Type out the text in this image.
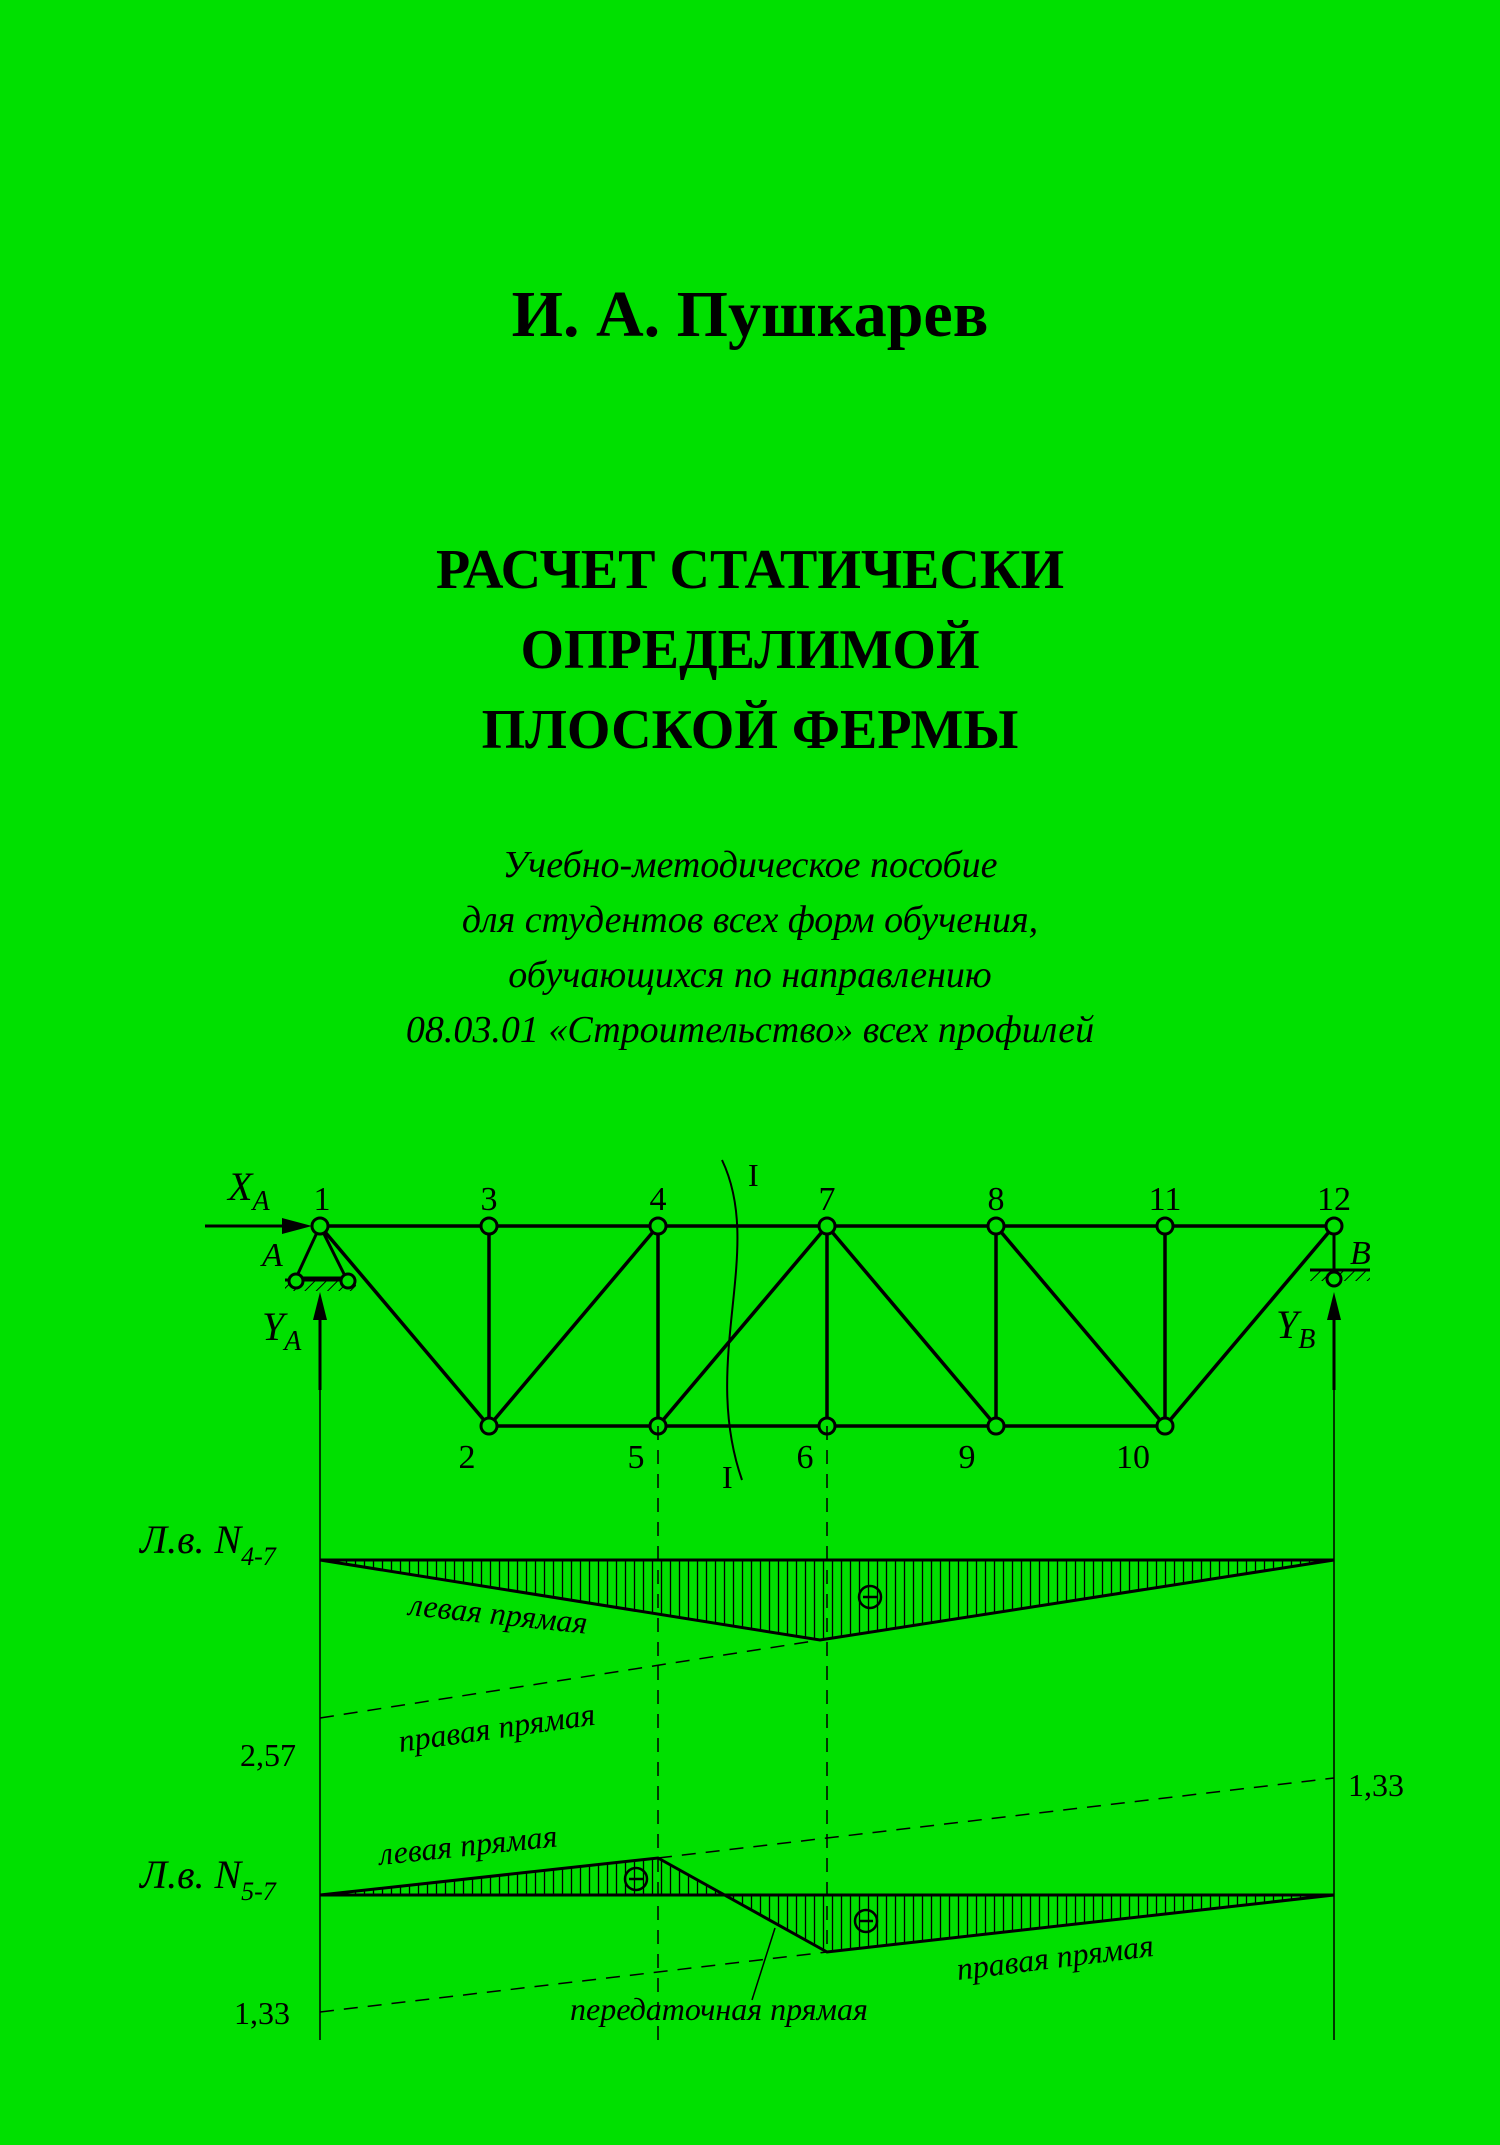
И. А. Пушкарев
РАСЧЕТ СТАТИЧЕСКИ
ОПРЕДЕЛИМОЙ
ПЛОСКОЙ ФЕРМЫ
Учебно-методическое пособие
для студентов всех форм обучения,
обучающихся по направлению
08.03.01 «Строительство» всех профилей
1	3	4	7	8	11	12
2	5	6	9	10
I
I
A	B
$X_A$
$Y_A$	$Y_B$
Л.в. $N_{4-7}$
Л.в. $N_{5-7}$
левая прямая
правая прямая
левая прямая
правая прямая
передаточная прямая
2,57
1,33
1,33
